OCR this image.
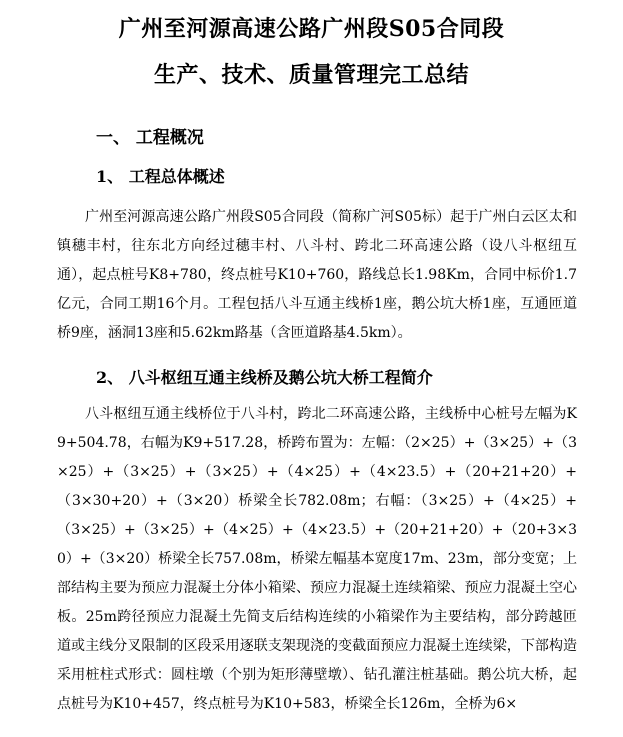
广州至河源高速公路广州段S05合同段
生产、技术、质量管理完工总结
一、 工程概况
1、 工程总体概述

广州至河源高速公路广州段S05合同段（简称广河S05标）起于广州白云区太和镇穗丰村，往东北方向经过穗丰村、八斗村、跨北二环高速公路（设八斗枢纽互通），起点桩号K8+780，终点桩号K10+760，路线总长1.98Km，合同中标价1.7亿元，合同工期16个月。工程包括八斗互通主线桥1座，鹅公坑大桥1座，互通匝道桥9座，涵洞13座和5.62km路基（含匝道路基4.5km）。

2、 八斗枢纽互通主线桥及鹅公坑大桥工程简介

八斗枢纽互通主线桥位于八斗村，跨北二环高速公路，主线桥中心桩号左幅为K9+504.78，右幅为K9+517.28，桥跨布置为：左幅：（2×25）+（3×25）+（3×25）+（3×25）+（3×25）+（4×25）+（4×23.5）+（20+21+20）+（3×30+20）+（3×20）桥梁全长782.08m；右幅：（3×25）+（4×25）+（3×25）+（3×25）+（4×25）+（4×23.5）+（20+21+20）+（20+3×30）+（3×20）桥梁全长757.08m，桥梁左幅基本宽度17m、23m，部分变宽；上部结构主要为预应力混凝土分体小箱梁、预应力混凝土连续箱梁、预应力混凝土空心板。25m跨径预应力混凝土先简支后结构连续的小箱梁作为主要结构，部分跨越匝道或主线分叉限制的区段采用逐联支架现浇的变截面预应力混凝土连续梁，下部构造采用桩柱式形式：圆柱墩（个别为矩形薄壁墩）、钻孔灌注桩基础。鹅公坑大桥，起点桩号为K10+457，终点桩号为K10+583，桥梁全长126m，全桥为6×
